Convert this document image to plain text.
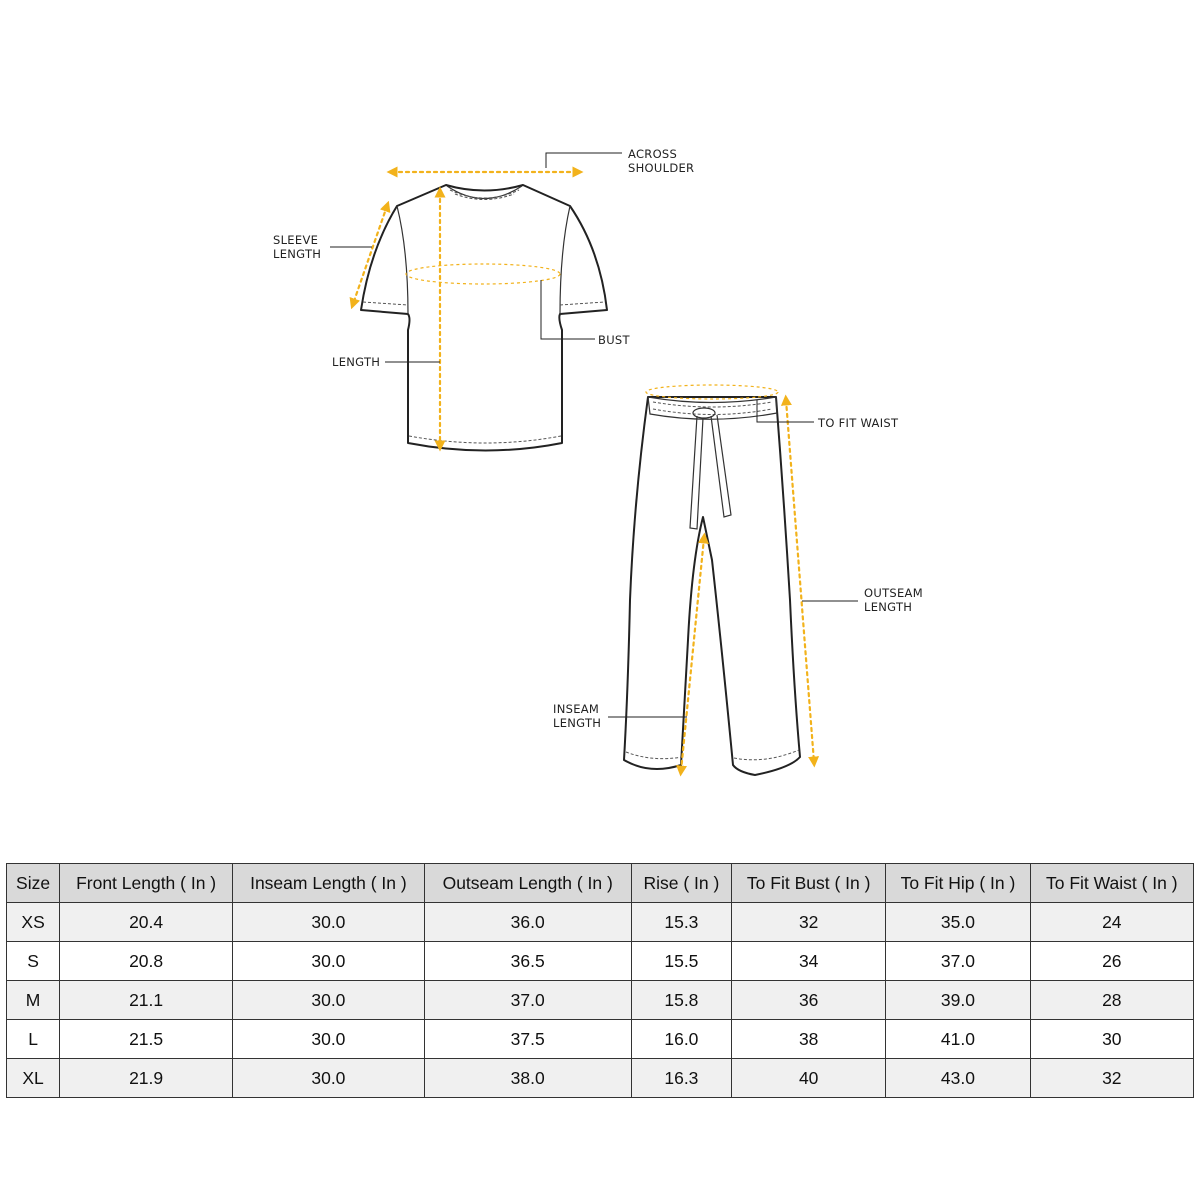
ACROSS SHOULDER
SLEEVE LENGTH
LENGTH
BUST
TO FIT WAIST
OUTSEAM LENGTH
INSEAM LENGTH
Size	Front Length ( In )	Inseam Length ( In )	Outseam Length ( In )	Rise ( In )	To Fit Bust ( In )	To Fit Hip ( In )	To Fit Waist ( In )
XS	20.4	30.0	36.0	15.3	32	35.0	24
S	20.8	30.0	36.5	15.5	34	37.0	26
M	21.1	30.0	37.0	15.8	36	39.0	28
L	21.5	30.0	37.5	16.0	38	41.0	30
XL	21.9	30.0	38.0	16.3	40	43.0	32
